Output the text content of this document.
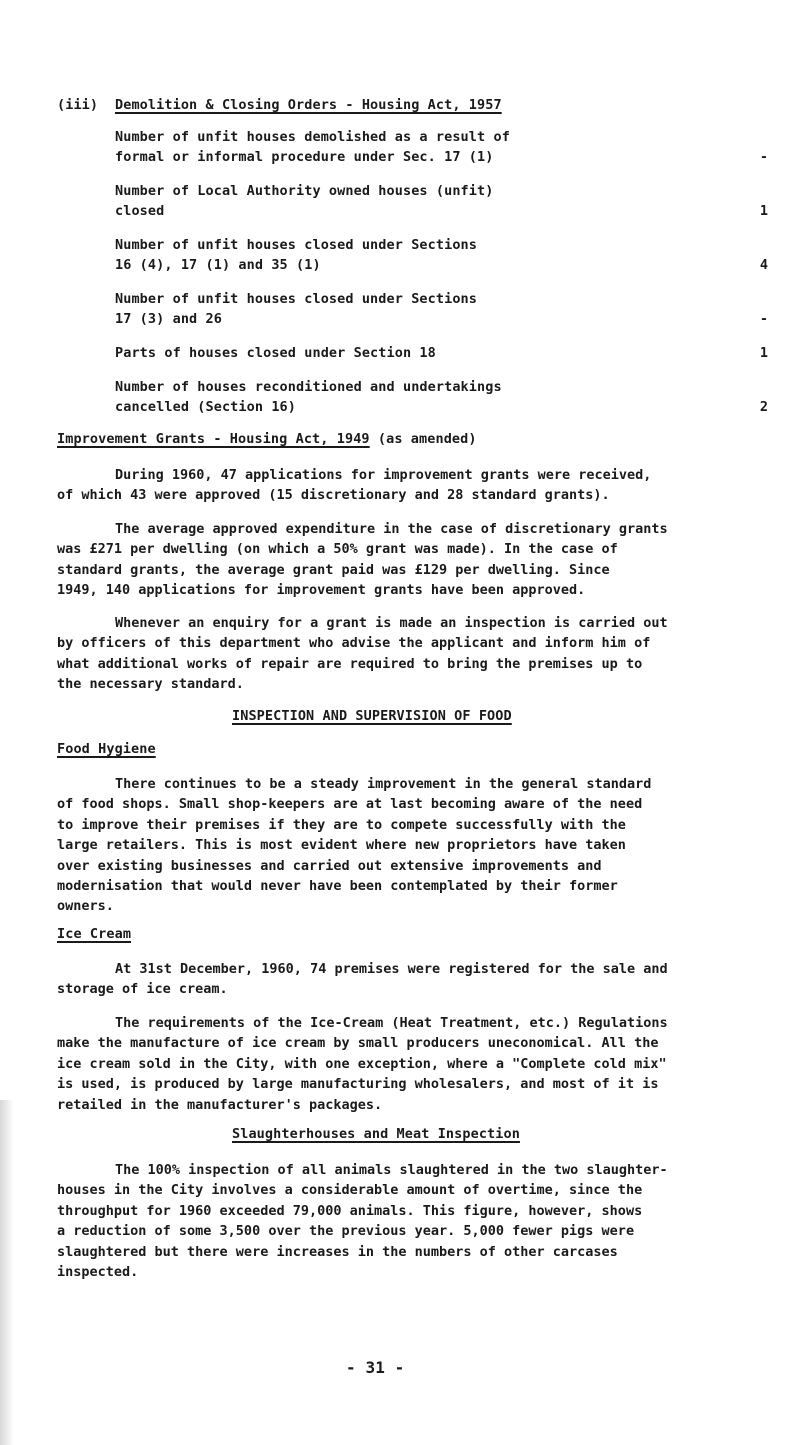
(iii) Demolition & Closing Orders - Housing Act, 1957
Number of unfit houses demolished as a result of
formal or informal procedure under Sec. 17 (1)	-
Number of Local Authority owned houses (unfit)
closed	1
Number of unfit houses closed under Sections
16 (4), 17 (1) and 35 (1)	4
Number of unfit houses closed under Sections
17 (3) and 26	-
Parts of houses closed under Section 18	1
Number of houses reconditioned and undertakings
cancelled (Section 16)	2
Improvement Grants - Housing Act, 1949 (as amended)
During 1960, 47 applications for improvement grants were received,
of which 43 were approved (15 discretionary and 28 standard grants).
The average approved expenditure in the case of discretionary grants
was £271 per dwelling (on which a 50% grant was made). In the case of
standard grants, the average grant paid was £129 per dwelling. Since
1949, 140 applications for improvement grants have been approved.
Whenever an enquiry for a grant is made an inspection is carried out
by officers of this department who advise the applicant and inform him of
what additional works of repair are required to bring the premises up to
the necessary standard.
INSPECTION AND SUPERVISION OF FOOD
Food Hygiene
There continues to be a steady improvement in the general standard
of food shops. Small shop-keepers are at last becoming aware of the need
to improve their premises if they are to compete successfully with the
large retailers. This is most evident where new proprietors have taken
over existing businesses and carried out extensive improvements and
modernisation that would never have been contemplated by their former
owners.
Ice Cream
At 31st December, 1960, 74 premises were registered for the sale and
storage of ice cream.
The requirements of the Ice-Cream (Heat Treatment, etc.) Regulations
make the manufacture of ice cream by small producers uneconomical. All the
ice cream sold in the City, with one exception, where a "Complete cold mix"
is used, is produced by large manufacturing wholesalers, and most of it is
retailed in the manufacturer's packages.
Slaughterhouses and Meat Inspection
The 100% inspection of all animals slaughtered in the two slaughter-
houses in the City involves a considerable amount of overtime, since the
throughput for 1960 exceeded 79,000 animals. This figure, however, shows
a reduction of some 3,500 over the previous year. 5,000 fewer pigs were
slaughtered but there were increases in the numbers of other carcases
inspected.
- 31 -
